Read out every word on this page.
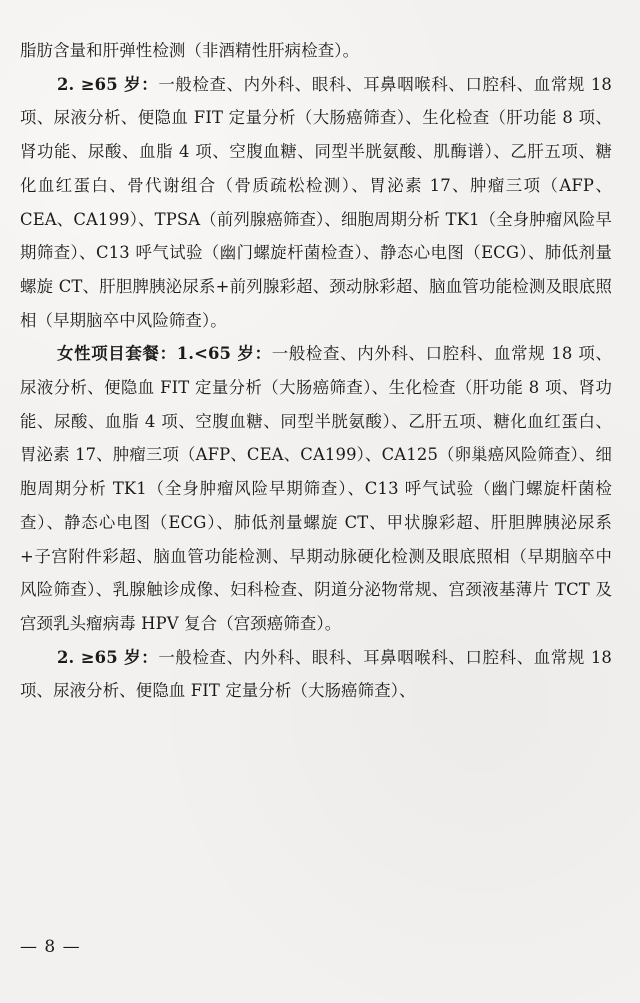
脂肪含量和肝弹性检测（非酒精性肝病检查）。

2. ≥65 岁：一般检查、内外科、眼科、耳鼻咽喉科、口腔科、血常规 18 项、尿液分析、便隐血 FIT 定量分析（大肠癌筛查）、生化检查（肝功能 8 项、肾功能、尿酸、血脂 4 项、空腹血糖、同型半胱氨酸、肌酶谱）、乙肝五项、糖化血红蛋白、骨代谢组合（骨质疏松检测）、胃泌素 17、肿瘤三项（AFP、CEA、CA199）、TPSA（前列腺癌筛查）、细胞周期分析 TK1（全身肿瘤风险早期筛查）、C13 呼气试验（幽门螺旋杆菌检查）、静态心电图（ECG）、肺低剂量螺旋 CT、肝胆脾胰泌尿系+前列腺彩超、颈动脉彩超、脑血管功能检测及眼底照相（早期脑卒中风险筛查）。

女性项目套餐：1.<65 岁：一般检查、内外科、口腔科、血常规 18 项、尿液分析、便隐血 FIT 定量分析（大肠癌筛查）、生化检查（肝功能 8 项、肾功能、尿酸、血脂 4 项、空腹血糖、同型半胱氨酸）、乙肝五项、糖化血红蛋白、胃泌素 17、肿瘤三项（AFP、CEA、CA199）、CA125（卵巢癌风险筛查）、细胞周期分析 TK1（全身肿瘤风险早期筛查）、C13 呼气试验（幽门螺旋杆菌检查）、静态心电图（ECG）、肺低剂量螺旋 CT、甲状腺彩超、肝胆脾胰泌尿系+子宫附件彩超、脑血管功能检测、早期动脉硬化检测及眼底照相（早期脑卒中风险筛查）、乳腺触诊成像、妇科检查、阴道分泌物常规、宫颈液基薄片 TCT 及宫颈乳头瘤病毒 HPV 复合（宫颈癌筛查）。

2. ≥65 岁：一般检查、内外科、眼科、耳鼻咽喉科、口腔科、血常规 18 项、尿液分析、便隐血 FIT 定量分析（大肠癌筛查）、

— 8 —
